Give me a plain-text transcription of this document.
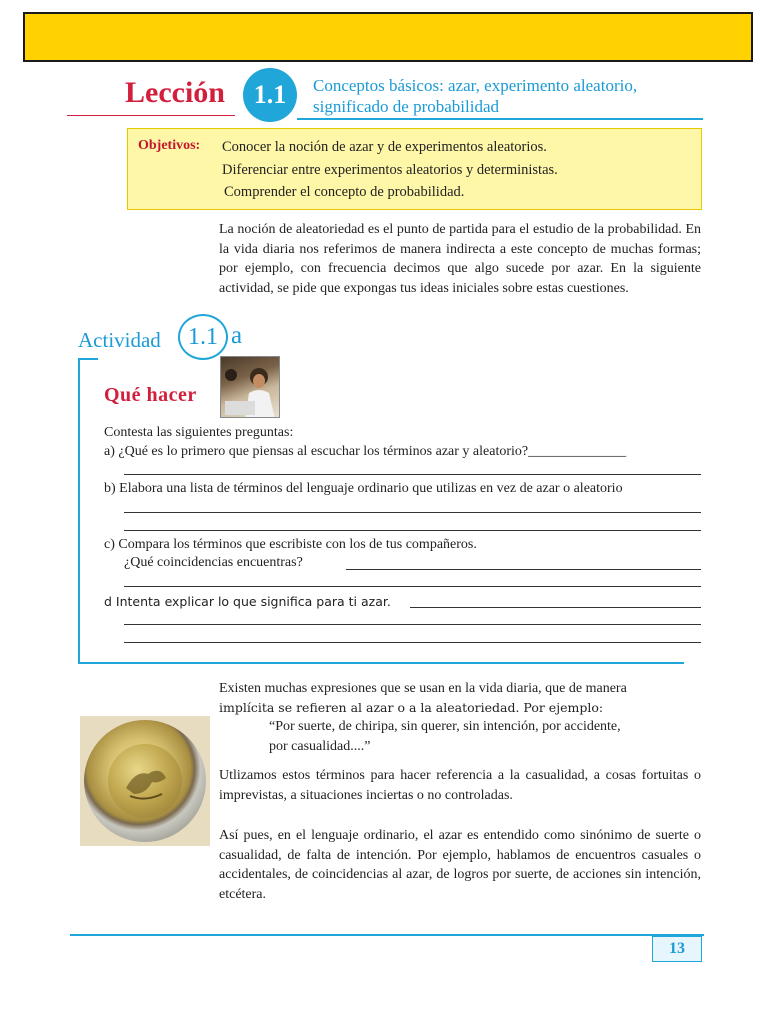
Lección	1.1	Conceptos básicos: azar, experimento aleatorio,
significado de probabilidad
Objetivos: Conocer la noción de azar y de experimentos aleatorios.
Diferenciar entre experimentos aleatorios y deterministas.
Comprender el concepto de probabilidad.
La noción de aleatoriedad es el punto de partida para el estudio de la probabilidad. En la vida diaria nos referimos de manera indirecta a este concepto de muchas formas; por ejemplo, con frecuencia decimos que algo sucede por azar. En la siguiente actividad, se pide que expongas tus ideas iniciales sobre estas cuestiones.
Actividad	1.1 a
Qué hacer
Contesta las siguientes preguntas:
a) ¿Qué es lo primero que piensas al escuchar los términos azar y aleatorio?______________
b) Elabora una lista de términos del lenguaje ordinario que utilizas en vez de azar o aleatorio
c) Compara los términos que escribiste con los de tus compañeros.
¿Qué coincidencias encuentras?
d Intenta explicar lo que significa para ti azar.
Existen muchas expresiones que se usan en la vida diaria, que de manera
implícita se refieren al azar o a la aleatoriedad. Por ejemplo:
“Por suerte, de chiripa, sin querer, sin intención, por accidente,
por casualidad....”
Utlizamos estos términos para hacer referencia a la casualidad, a cosas fortuitas o imprevistas, a situaciones inciertas o no controladas.
Así pues, en el lenguaje ordinario, el azar es entendido como sinónimo de suerte o casualidad, de falta de intención. Por ejemplo, hablamos de encuentros casuales o accidentales, de coincidencias al azar, de logros por suerte, de acciones sin intención, etcétera.
13
